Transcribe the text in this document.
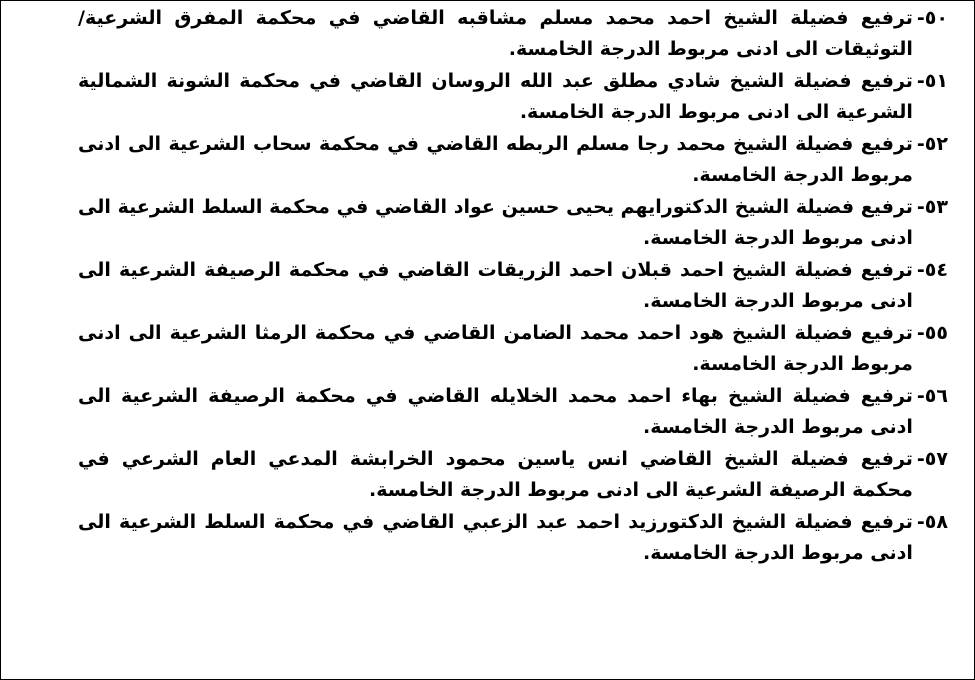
٥٠-
ترفيع فضيلة الشيخ احمد محمد مسلم مشاقبه القاضي في محكمة المفرق الشرعية/ التوثيقات الى ادنى مربوط الدرجة الخامسة.
٥١-
ترفيع فضيلة الشيخ شادي مطلق عبد الله الروسان القاضي في محكمة الشونة الشمالية الشرعية الى ادنى مربوط الدرجة الخامسة.
٥٢-
ترفيع فضيلة الشيخ محمد رجا مسلم الربطه القاضي في محكمة سحاب الشرعية الى ادنى مربوط الدرجة الخامسة.
٥٣-
ترفيع فضيلة الشيخ الدكتورايهم يحيى حسين عواد القاضي في محكمة السلط الشرعية الى ادنى مربوط الدرجة الخامسة.
٥٤-
ترفيع فضيلة الشيخ احمد قبلان احمد الزريقات القاضي في محكمة الرصيفة الشرعية الى ادنى مربوط الدرجة الخامسة.
٥٥-
ترفيع فضيلة الشيخ هود احمد محمد الضامن القاضي في محكمة الرمثا الشرعية الى ادنى مربوط الدرجة الخامسة.
٥٦-
ترفيع فضيلة الشيخ بهاء احمد محمد الخلايله القاضي في محكمة الرصيفة الشرعية الى ادنى مربوط الدرجة الخامسة.
٥٧-
ترفيع فضيلة الشيخ القاضي انس ياسين محمود الخرابشة المدعي العام الشرعي في محكمة الرصيفة الشرعية الى ادنى مربوط الدرجة الخامسة.
٥٨-
ترفيع فضيلة الشيخ الدكتورزيد احمد عبد الزعبي القاضي في محكمة السلط الشرعية الى ادنى مربوط الدرجة الخامسة.
